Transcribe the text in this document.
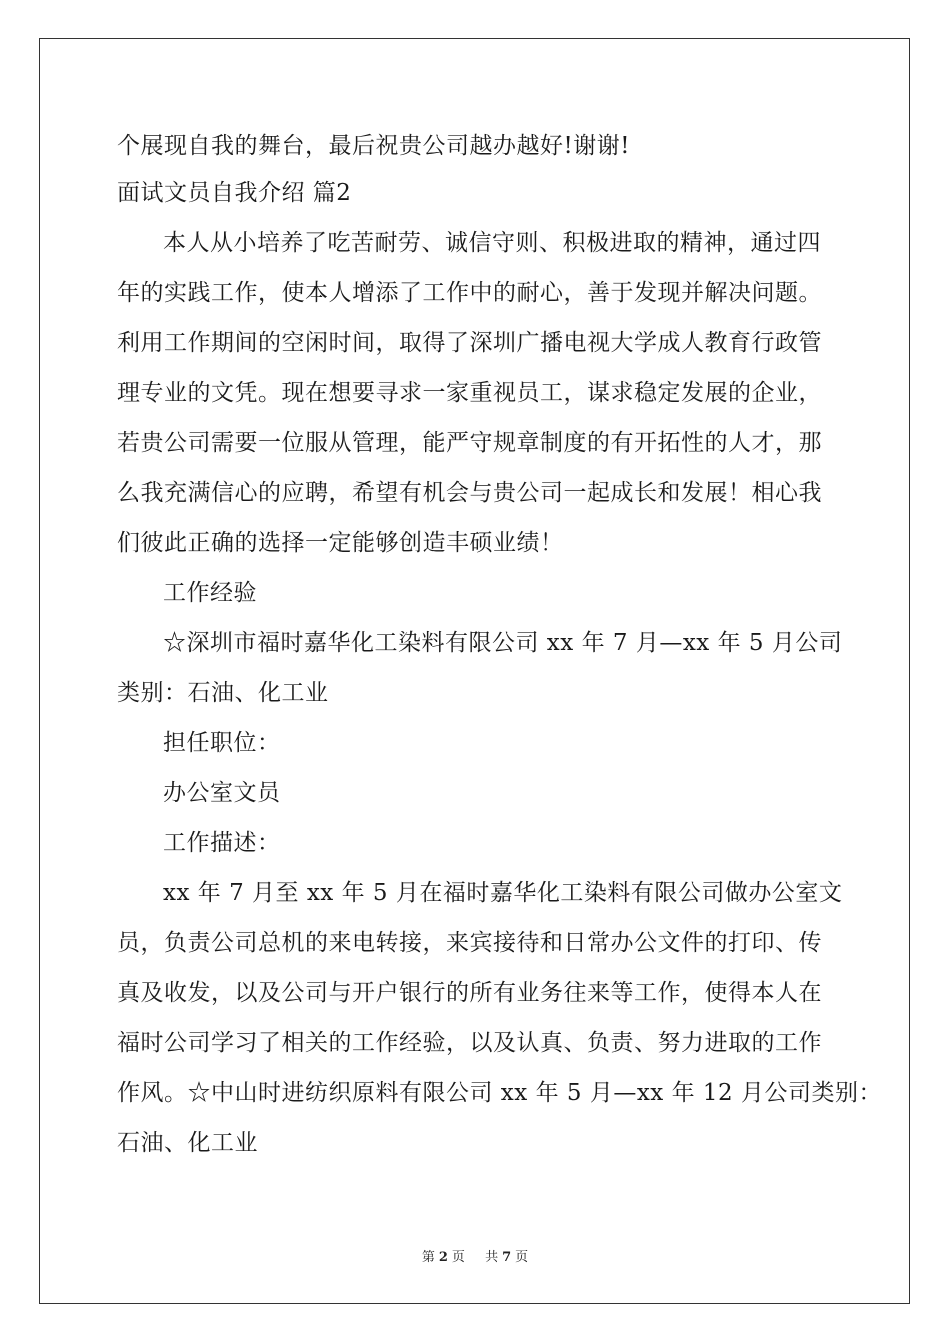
个展现自我的舞台，最后祝贵公司越办越好!谢谢!
面试文员自我介绍 篇2
本人从小培养了吃苦耐劳、诚信守则、积极进取的精神，通过四
年的实践工作，使本人增添了工作中的耐心，善于发现并解决问题。
利用工作期间的空闲时间，取得了深圳广播电视大学成人教育行政管
理专业的文凭。现在想要寻求一家重视员工，谋求稳定发展的企业，
若贵公司需要一位服从管理，能严守规章制度的有开拓性的人才，那
么我充满信心的应聘，希望有机会与贵公司一起成长和发展！相心我
们彼此正确的选择一定能够创造丰硕业绩！
工作经验
☆深圳市福时嘉华化工染料有限公司 xx 年 7 月—xx 年 5 月公司
类别：石油、化工业
担任职位：
办公室文员
工作描述：
xx 年 7 月至 xx 年 5 月在福时嘉华化工染料有限公司做办公室文
员，负责公司总机的来电转接，来宾接待和日常办公文件的打印、传
真及收发，以及公司与开户银行的所有业务往来等工作，使得本人在
福时公司学习了相关的工作经验，以及认真、负责、努力进取的工作
作风。☆中山时进纺织原料有限公司 xx 年 5 月—xx 年 12 月公司类别：
石油、化工业
第 2 页 共 7 页
